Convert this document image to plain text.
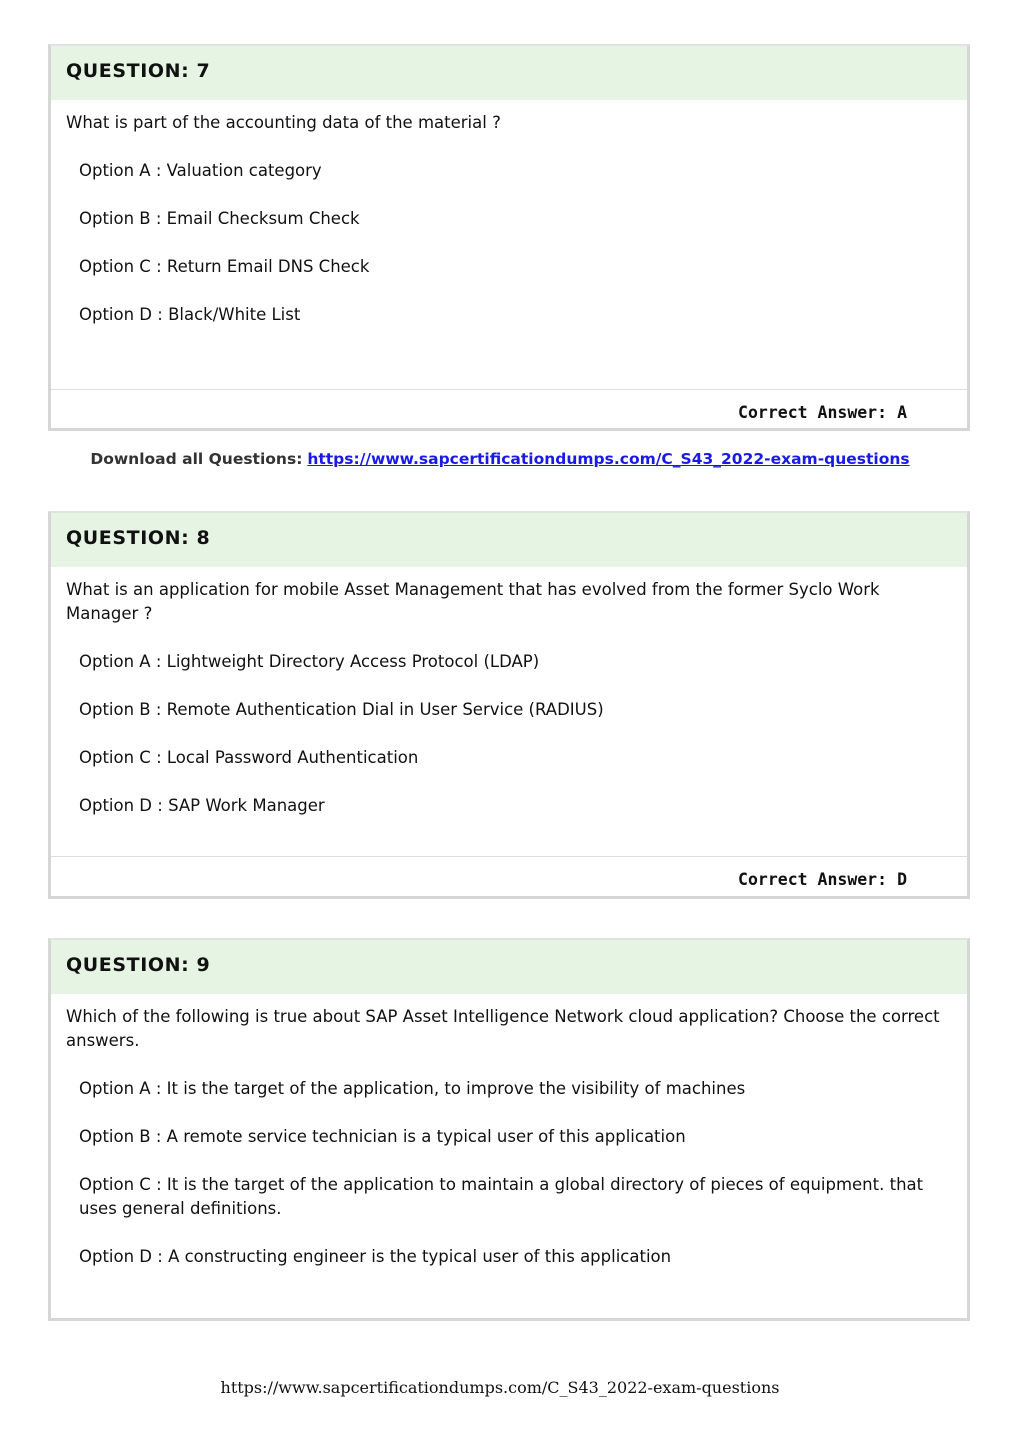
QUESTION: 7
What is part of the accounting data of the material ?
Option A : Valuation category
Option B : Email Checksum Check
Option C : Return Email DNS Check
Option D : Black/White List
Correct Answer: A
Download all Questions: https://www.sapcertificationdumps.com/C_S43_2022-exam-questions
QUESTION: 8
What is an application for mobile Asset Management that has evolved from the former Syclo Work Manager ?
Option A : Lightweight Directory Access Protocol (LDAP)
Option B : Remote Authentication Dial in User Service (RADIUS)
Option C : Local Password Authentication
Option D : SAP Work Manager
Correct Answer: D
QUESTION: 9
Which of the following is true about SAP Asset Intelligence Network cloud application? Choose the correct answers.
Option A : It is the target of the application, to improve the visibility of machines
Option B : A remote service technician is a typical user of this application
Option C : It is the target of the application to maintain a global directory of pieces of equipment. that uses general definitions.
Option D : A constructing engineer is the typical user of this application
https://www.sapcertificationdumps.com/C_S43_2022-exam-questions
